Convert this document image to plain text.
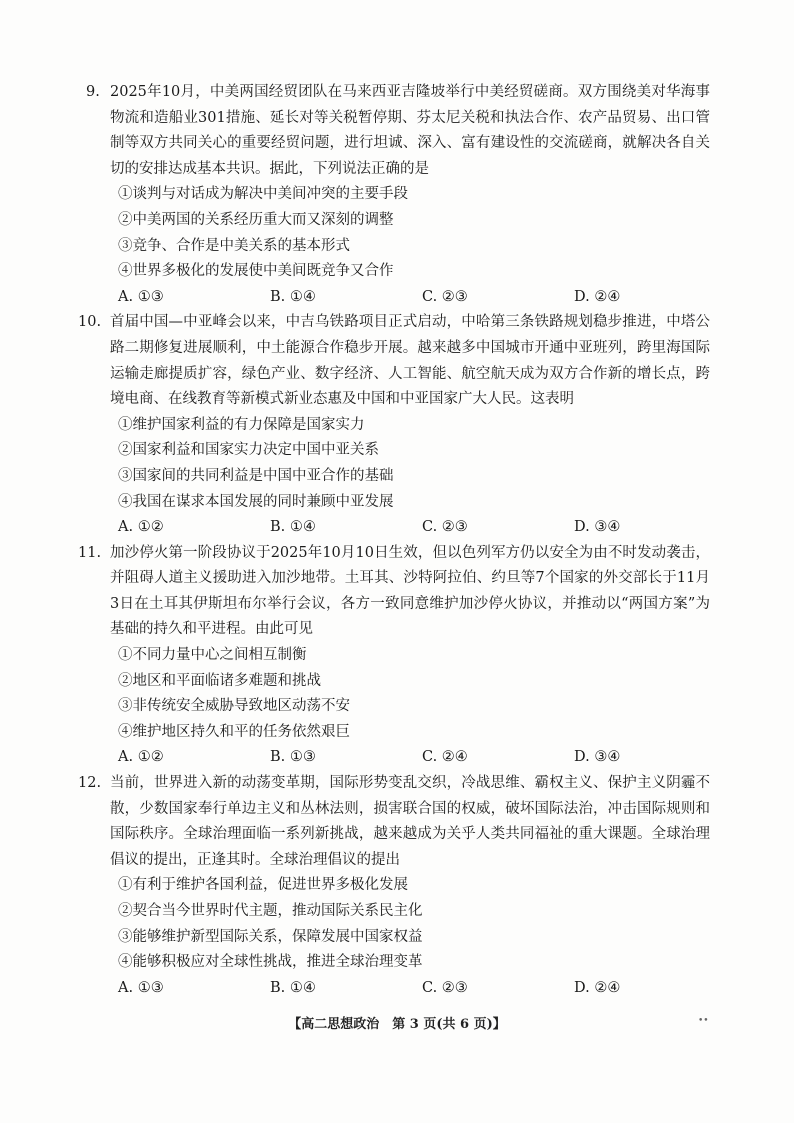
9. 2025年10月，中美两国经贸团队在马来西亚吉隆坡举行中美经贸磋商。双方围绕美对华海事物流和造船业301措施、延长对等关税暂停期、芬太尼关税和执法合作、农产品贸易、出口管制等双方共同关心的重要经贸问题，进行坦诚、深入、富有建设性的交流磋商，就解决各自关切的安排达成基本共识。据此，下列说法正确的是

①谈判与对话成为解决中美间冲突的主要手段
②中美两国的关系经历重大而又深刻的调整
③竞争、合作是中美关系的基本形式
④世界多极化的发展使中美间既竞争又合作
A. ①③	B. ①④	C. ②③	D. ②④

10. 首届中国—中亚峰会以来，中吉乌铁路项目正式启动，中哈第三条铁路规划稳步推进，中塔公路二期修复进展顺利，中土能源合作稳步开展。越来越多中国城市开通中亚班列，跨里海国际运输走廊提质扩容，绿色产业、数字经济、人工智能、航空航天成为双方合作新的增长点，跨境电商、在线教育等新模式新业态惠及中国和中亚国家广大人民。这表明

①维护国家利益的有力保障是国家实力
②国家利益和国家实力决定中国中亚关系
③国家间的共同利益是中国中亚合作的基础
④我国在谋求本国发展的同时兼顾中亚发展
A. ①②	B. ①④	C. ②③	D. ③④

11. 加沙停火第一阶段协议于2025年10月10日生效，但以色列军方仍以安全为由不时发动袭击，并阻碍人道主义援助进入加沙地带。土耳其、沙特阿拉伯、约旦等7个国家的外交部长于11月3日在土耳其伊斯坦布尔举行会议，各方一致同意维护加沙停火协议，并推动以“两国方案”为基础的持久和平进程。由此可见

①不同力量中心之间相互制衡
②地区和平面临诸多难题和挑战
③非传统安全威胁导致地区动荡不安
④维护地区持久和平的任务依然艰巨
A. ①②	B. ①③	C. ②④	D. ③④

12. 当前，世界进入新的动荡变革期，国际形势变乱交织，冷战思维、霸权主义、保护主义阴霾不散，少数国家奉行单边主义和丛林法则，损害联合国的权威，破坏国际法治，冲击国际规则和国际秩序。全球治理面临一系列新挑战，越来越成为关乎人类共同福祉的重大课题。全球治理倡议的提出，正逢其时。全球治理倡议的提出

①有利于维护各国利益，促进世界多极化发展
②契合当今世界时代主题，推动国际关系民主化
③能够维护新型国际关系，保障发展中国家权益
④能够积极应对全球性挑战，推进全球治理变革
A. ①③	B. ①④	C. ②③	D. ②④
【高二思想政治　第 3 页(共 6 页)】	••
